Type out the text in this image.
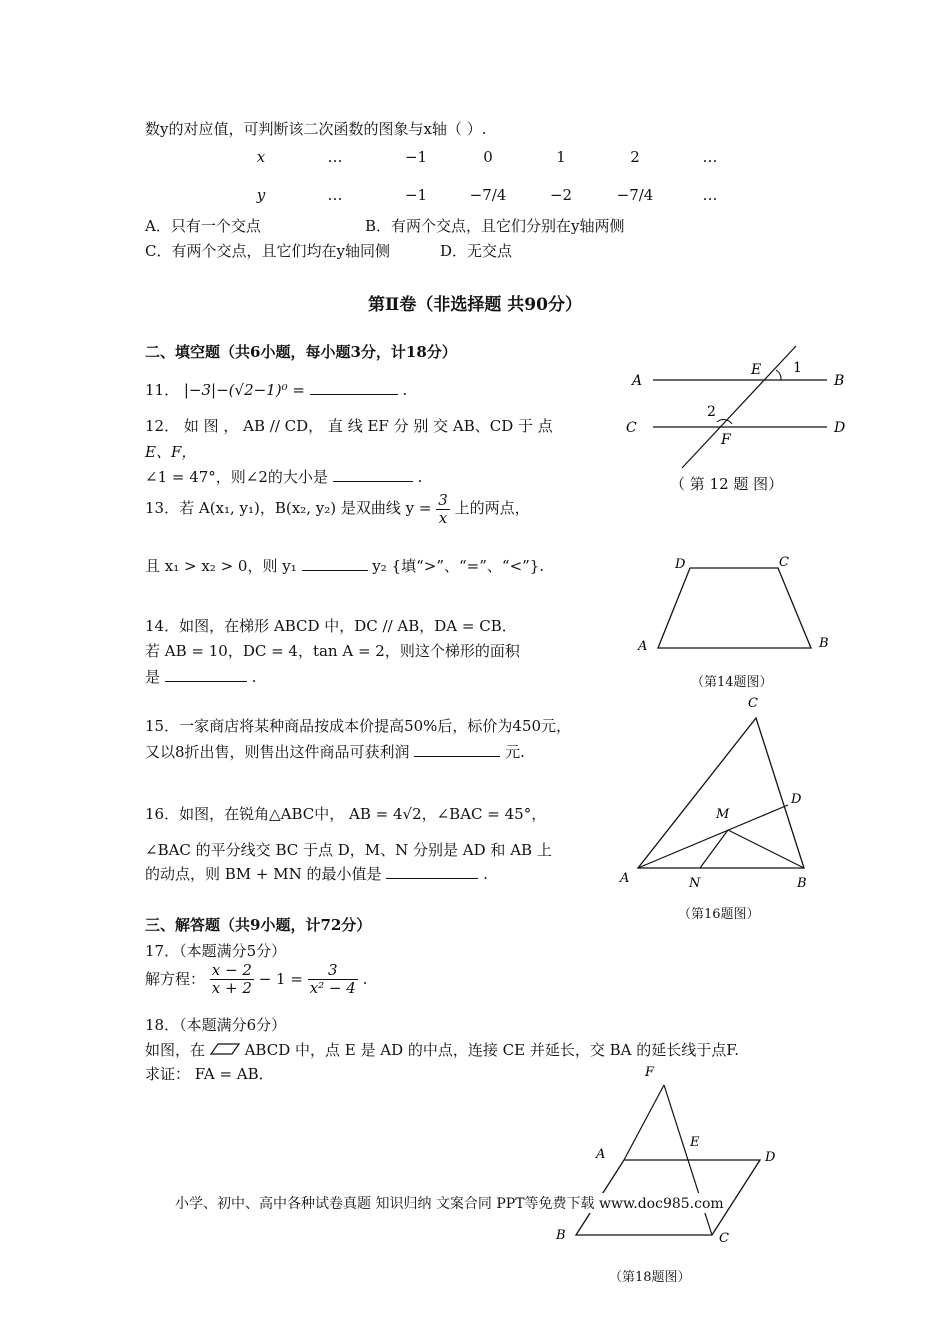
数y的对应值，可判断该二次函数的图象与x轴（ ）.
x	…	−1	0	1	2	…
y	…	−1	−7/4	−2	−7/4	…
A．只有一个交点	B．有两个交点，且它们分别在y轴两侧
C．有两个交点，且它们均在y轴同侧	D．无交点
第Ⅱ卷（非选择题 共90分）
二、填空题（共6小题，每小题3分，计18分）
11． |−3|−(√2−1)⁰ =	.
12． 如 图 ， AB // CD， 直 线 EF 分 别 交 AB、CD 于 点
E、F，
∠1 = 47°，则∠2的大小是	.
A	B
C	D
E
F
1
2
（ 第 12 题 图）
13．若 A(x₁, y₁)，B(x₂, y₂) 是双曲线 $y = \frac{3}{x}$ 上的两点，
且 x₁ > x₂ > 0，则 y₁	y₂ {填“>”、“=”、“<”}.
A	B
C
D
（第14题图）
14．如图，在梯形 ABCD 中，DC // AB，DA = CB．
若 AB = 10，DC = 4，tan A = 2，则这个梯形的面积
是	.
15．一家商店将某种商品按成本价提高50%后，标价为450元，
又以8折出售，则售出这件商品可获利润	元.
A	B
C
D
M
N
（第16题图）
16．如图，在锐角△ABC中， AB = 4√2，∠BAC = 45°，
∠BAC 的平分线交 BC 于点 D，M、N 分别是 AD 和 AB 上
的动点，则 BM + MN 的最小值是	.
三、解答题（共9小题，计72分）
17．（本题满分5分）
解方程： $\frac{x - 2}{x + 2} - 1 = \frac{3}{\text{x² − 4}}$ .
18．（本题满分6分）
如图，在	ABCD 中，点 E 是 AD 的中点，连接 CE 并延长，交 BA 的延长线于点F.
求证： FA = AB．	F
A
E
D
B	C
（第18题图）
小学、初中、高中各种试卷真题 知识归纳 文案合同 PPT等免费下载 www.doc985.com
